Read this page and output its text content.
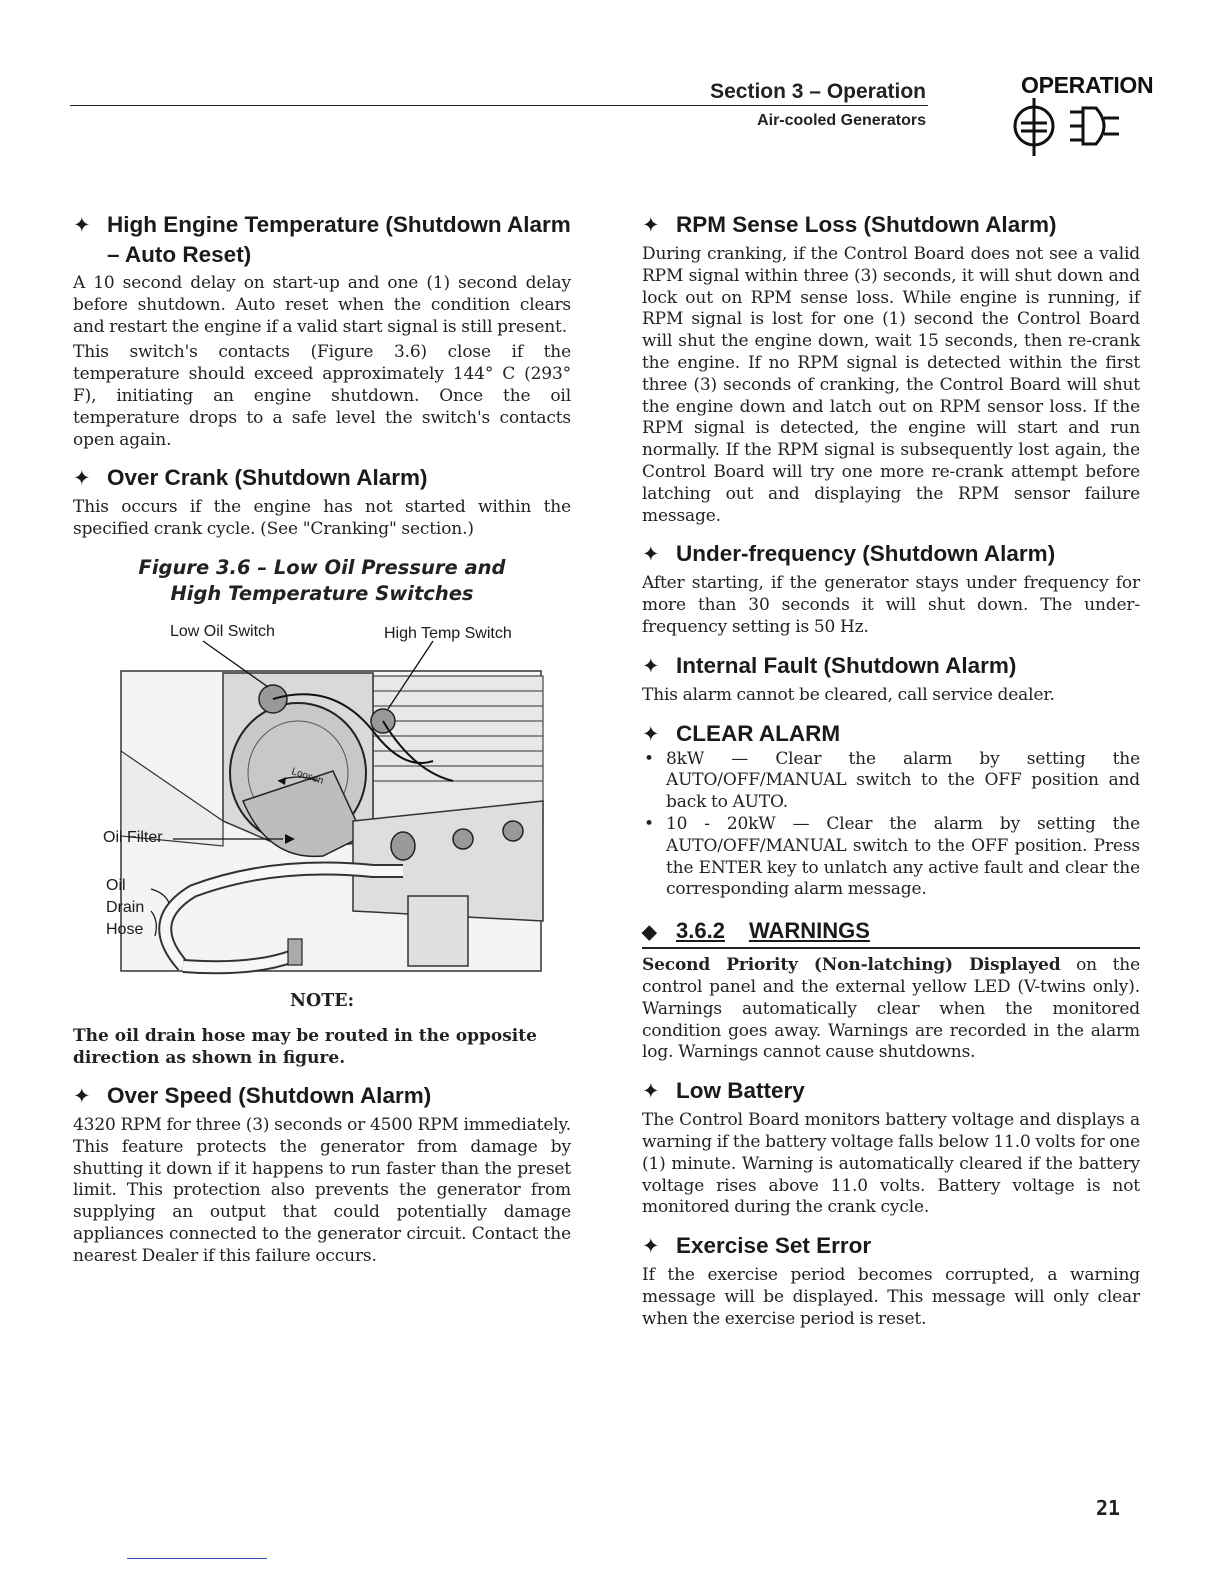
Section 3 – Operation
Air-cooled Generators
OPERATION
✦ High Engine Temperature (Shutdown Alarm – Auto Reset)

A 10 second delay on start-up and one (1) second delay before shutdown. Auto reset when the condition clears and restart the engine if a valid start signal is still present.

This switch's contacts (Figure 3.6) close if the temperature should exceed approximately 144° C (293° F), initiating an engine shutdown. Once the oil temperature drops to a safe level the switch's contacts open again.

✦ Over Crank (Shutdown Alarm)

This occurs if the engine has not started within the specified crank cycle. (See "Cranking" section.)

Figure 3.6 – Low Oil Pressure and
High Temperature Switches
Low Oil Switch	High Temp Switch
Oil Filter
Oil
Drain
Hose
Loosen
NOTE:
The oil drain hose may be routed in the opposite direction as shown in figure.
✦ Over Speed (Shutdown Alarm)

4320 RPM for three (3) seconds or 4500 RPM immediately. This feature protects the generator from damage by shutting it down if it happens to run faster than the preset limit. This protection also prevents the generator from supplying an output that could potentially damage appliances connected to the generator circuit. Contact the nearest Dealer if this failure occurs.

✦ RPM Sense Loss (Shutdown Alarm)

During cranking, if the Control Board does not see a valid RPM signal within three (3) seconds, it will shut down and lock out on RPM sense loss. While engine is running, if RPM signal is lost for one (1) second the Control Board will shut the engine down, wait 15 seconds, then re-crank the engine. If no RPM signal is detected within the first three (3) seconds of cranking, the Control Board will shut the engine down and latch out on RPM sensor loss. If the RPM signal is detected, the engine will start and run normally. If the RPM signal is subsequently lost again, the Control Board will try one more re-crank attempt before latching out and displaying the RPM sensor failure message.

✦ Under-frequency (Shutdown Alarm)

After starting, if the generator stays under frequency for more than 30 seconds it will shut down. The under-frequency setting is 50 Hz.

✦ Internal Fault (Shutdown Alarm)

This alarm cannot be cleared, call service dealer.

✦ CLEAR ALARM
• 8kW — Clear the alarm by setting the AUTO/OFF/MANUAL switch to the OFF position and back to AUTO.
• 10 - 20kW — Clear the alarm by setting the AUTO/OFF/MANUAL switch to the OFF position. Press the ENTER key to unlatch any active fault and clear the corresponding alarm message.
◆ 3.6.2 WARNINGS

Second Priority (Non-latching) Displayed on the control panel and the external yellow LED (V-twins only). Warnings automatically clear when the monitored condition goes away. Warnings are recorded in the alarm log. Warnings cannot cause shutdowns.

✦ Low Battery

The Control Board monitors battery voltage and displays a warning if the battery voltage falls below 11.0 volts for one (1) minute. Warning is automatically cleared if the battery voltage rises above 11.0 volts. Battery voltage is not monitored during the crank cycle.

✦ Exercise Set Error

If the exercise period becomes corrupted, a warning message will be displayed. This message will only clear when the exercise period is reset.

21
